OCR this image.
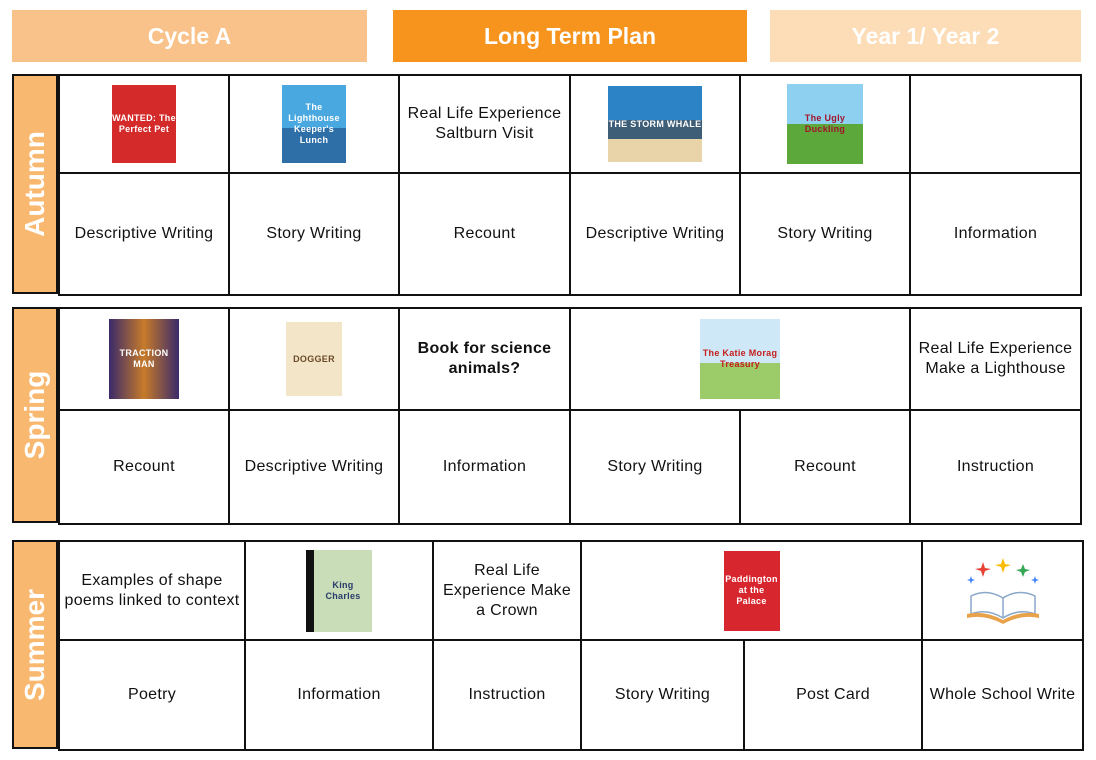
Cycle A	Long Term Plan	Year 1/ Year 2
Autumn
WANTED: The Perfect Pet	The Lighthouse Keeper's Lunch	Real Life Experience Saltburn Visit	THE STORM WHALE	The Ugly Duckling	

Descriptive Writing	Story Writing	Recount	Descriptive Writing	Story Writing	Information
Spring
TRACTION MAN	DOGGER	Book for science animals?	The Katie Morag Treasury		Real Life Experience Make a Lighthouse
Recount	Descriptive Writing	Information	Story Writing	Recount	Instruction
Summer
Examples of shape poems linked to context	King Charles	Real Life Experience Make a Crown	Paddington at the Palace

Poetry	Information	Instruction	Story Writing	Post Card	Whole School Write
